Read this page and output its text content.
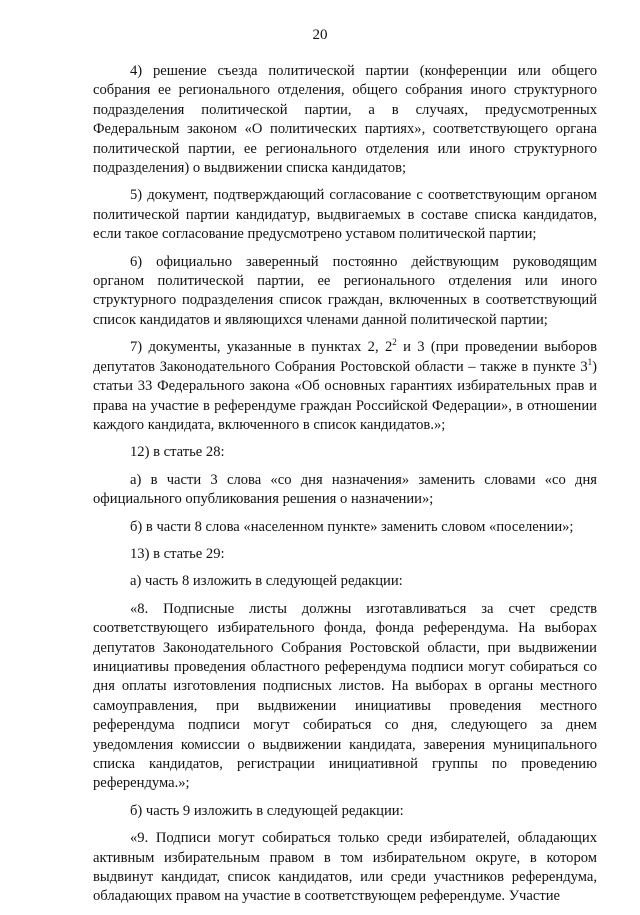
20

4) решение съезда политической партии (конференции или общего собрания ее регионального отделения, общего собрания иного структурного подразделения политической партии, а в случаях, предусмотренных Федеральным законом «О политических партиях», соответствующего органа политической партии, ее регионального отделения или иного структурного подразделения) о выдвижении списка кандидатов;

5) документ, подтверждающий согласование с соответствующим органом политической партии кандидатур, выдвигаемых в составе списка кандидатов, если такое согласование предусмотрено уставом политической партии;

6) официально заверенный постоянно действующим руководящим органом политической партии, ее регионального отделения или иного структурного подразделения список граждан, включенных в соответствующий список кандидатов и являющихся членами данной политической партии;

7) документы, указанные в пунктах 2, $2^2$ и 3 (при проведении выборов депутатов Законодательного Собрания Ростовской области – также в пункте $3^1$) статьи 33 Федерального закона «Об основных гарантиях избирательных прав и права на участие в референдуме граждан Российской Федерации», в отношении каждого кандидата, включенного в список кандидатов.»;

12) в статье 28:

а) в части 3 слова «со дня назначения» заменить словами «со дня официального опубликования решения о назначении»;

б) в части 8 слова «населенном пункте» заменить словом «поселении»;

13) в статье 29:

а) часть 8 изложить в следующей редакции:

«8. Подписные листы должны изготавливаться за счет средств соответствующего избирательного фонда, фонда референдума. На выборах депутатов Законодательного Собрания Ростовской области, при выдвижении инициативы проведения областного референдума подписи могут собираться со дня оплаты изготовления подписных листов. На выборах в органы местного самоуправления, при выдвижении инициативы проведения местного референдума подписи могут собираться со дня, следующего за днем уведомления комиссии о выдвижении кандидата, заверения муниципального списка кандидатов, регистрации инициативной группы по проведению референдума.»;

б) часть 9 изложить в следующей редакции:

«9. Подписи могут собираться только среди избирателей, обладающих активным избирательным правом в том избирательном округе, в котором выдвинут кандидат, список кандидатов, или среди участников референдума, обладающих правом на участие в соответствующем референдуме. Участие
